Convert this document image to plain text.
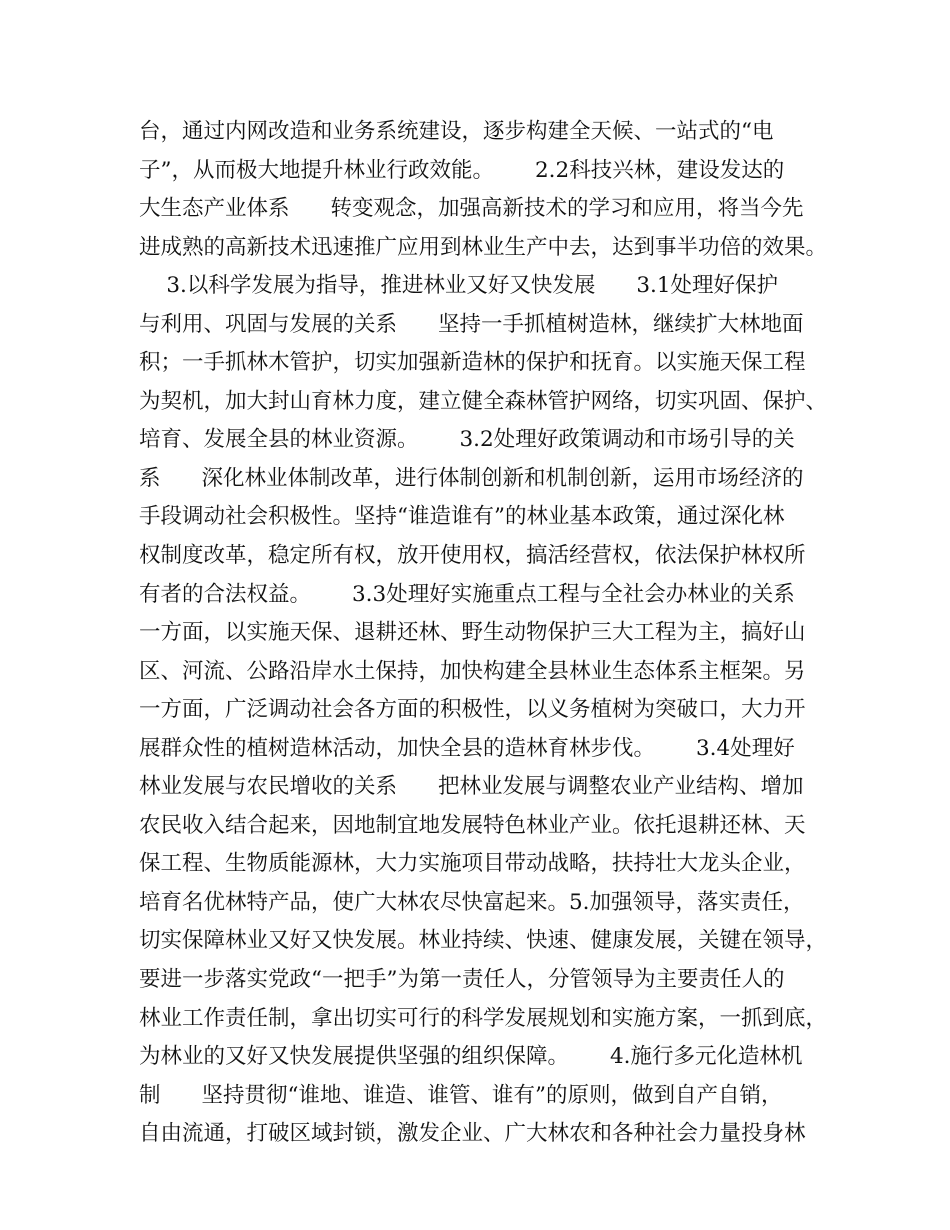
台，通过内网改造和业务系统建设，逐步构建全天候、一站式的“电
子”，从而极大地提升林业行政效能。      2.2科技兴林，建设发达的
大生态产业体系      转变观念，加强高新技术的学习和应用，将当今先
进成熟的高新技术迅速推广应用到林业生产中去，达到事半功倍的效果。
3.以科学发展为指导，推进林业又好又快发展      3.1处理好保护
与利用、巩固与发展的关系      坚持一手抓植树造林，继续扩大林地面
积；一手抓林木管护，切实加强新造林的保护和抚育。以实施天保工程
为契机，加大封山育林力度，建立健全森林管护网络，切实巩固、保护、
培育、发展全县的林业资源。      3.2处理好政策调动和市场引导的关
系      深化林业体制改革，进行体制创新和机制创新，运用市场经济的
手段调动社会积极性。坚持“谁造谁有”的林业基本政策，通过深化林
权制度改革，稳定所有权，放开使用权，搞活经营权，依法保护林权所
有者的合法权益。      3.3处理好实施重点工程与全社会办林业的关系
一方面，以实施天保、退耕还林、野生动物保护三大工程为主，搞好山
区、河流、公路沿岸水土保持，加快构建全县林业生态体系主框架。另
一方面，广泛调动社会各方面的积极性，以义务植树为突破口，大力开
展群众性的植树造林活动，加快全县的造林育林步伐。      3.4处理好
林业发展与农民增收的关系      把林业发展与调整农业产业结构、增加
农民收入结合起来，因地制宜地发展特色林业产业。依托退耕还林、天
保工程、生物质能源林，大力实施项目带动战略，扶持壮大龙头企业，
培育名优林特产品，使广大林农尽快富起来。5.加强领导，落实责任，
切实保障林业又好又快发展。林业持续、快速、健康发展，关键在领导，
要进一步落实党政“一把手”为第一责任人，分管领导为主要责任人的
林业工作责任制，拿出切实可行的科学发展规划和实施方案，一抓到底，
为林业的又好又快发展提供坚强的组织保障。      4.施行多元化造林机
制      坚持贯彻“谁地、谁造、谁管、谁有”的原则，做到自产自销，
自由流通，打破区域封锁，激发企业、广大林农和各种社会力量投身林
